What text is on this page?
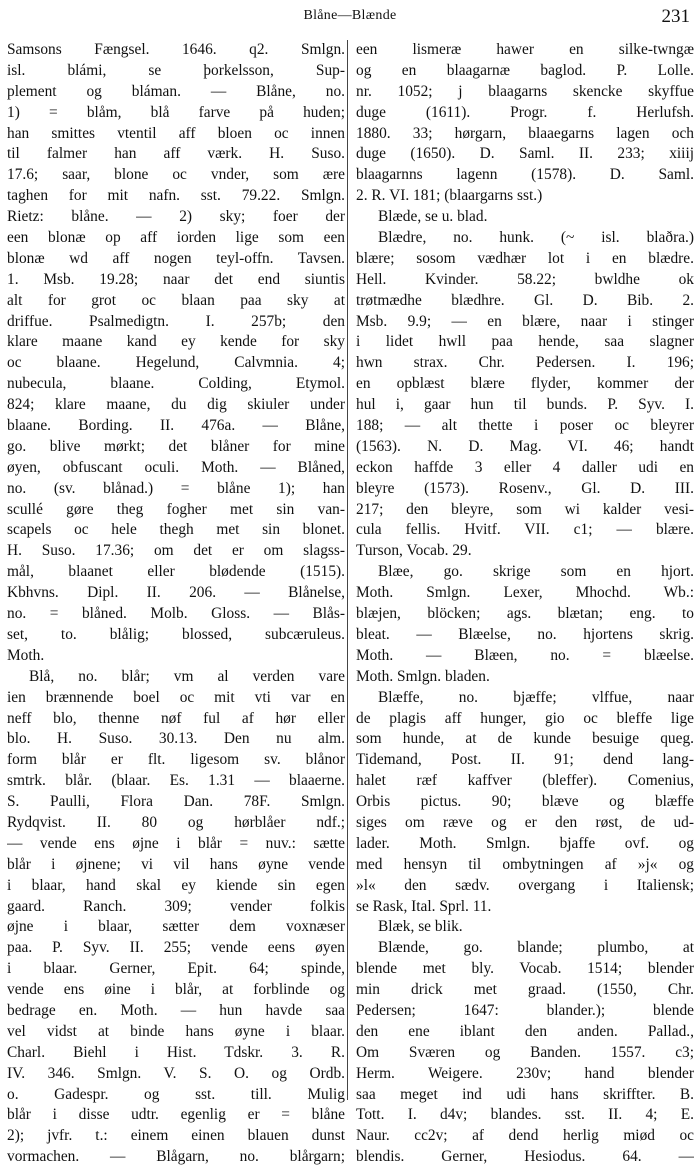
Blåne—Blænde	231
Samsons Fængsel. 1646. q2. Smlgn.
isl. blámi, se þorkelsson, Sup-
plement og bláman. — Blåne, no.
1) = blåm, blå farve på huden;
han smittes vtentil aff bloen oc innen
til falmer han aff værk. H. Suso.
17.6; saar, blone oc vnder, som ære
taghen for mit nafn. sst. 79.22. Smlgn.
Rietz: blåne. — 2) sky; foer der
een blonæ op aff iorden lige som een
blonæ wd aff nogen teyl-offn. Tavsen.
1. Msb. 19.28; naar det end siuntis
alt for grot oc blaan paa sky at
driffue. Psalmedigtn. I. 257b; den
klare maane kand ey kende for sky
oc blaane. Hegelund, Calvmnia. 4;
nubecula, blaane. Colding, Etymol.
824; klare maane, du dig skiuler under
blaane. Bording. II. 476a. — Blåne,
go. blive mørkt; det blåner for mine
øyen, obfuscant oculi. Moth. — Blåned,
no. (sv. blånad.) = blåne 1); han
scullé gøre theg fogher met sin van-
scapels oc hele thegh met sin blonet.
H. Suso. 17.36; om det er om slagss-
mål, blaanet eller blødende (1515).
Kbhvns. Dipl. II. 206. — Blånelse,
no. = blåned. Molb. Gloss. — Blås-
set, to. blålig; blossed, subcæruleus.
Moth.
Blå, no. blår; vm al verden vare
ien brænnende boel oc mit vti var en
neff blo, thenne nøf ful af hør eller
blo. H. Suso. 30.13. Den nu alm.
form blår er flt. ligesom sv. blånor
smtrk. blår. (blaar. Es. 1.31 — blaaerne.
S. Paulli, Flora Dan. 78F. Smlgn.
Rydqvist. II. 80 og hørblåer ndf.;
— vende ens øjne i blår = nuv.: sætte
blår i øjnene; vi vil hans øyne vende
i blaar, hand skal ey kiende sin egen
gaard. Ranch. 309; vender folkis
øjne i blaar, sætter dem voxnæser
paa. P. Syv. II. 255; vende eens øyen
i blaar. Gerner, Epit. 64; spinde,
vende ens øine i blår, at forblinde og
bedrage en. Moth. — hun havde saa
vel vidst at binde hans øyne i blaar.
Charl. Biehl i Hist. Tdskr. 3. R.
IV. 346. Smlgn. V. S. O. og Ordb.
o. Gadespr. og sst. till. Mulig
blår i disse udtr. egenlig er = blåne
2); jvfr. t.: einem einen blauen dunst
vormachen. — Blågarn, no. blårgarn;
een lismeræ hawer en silke-twngæ
og en blaagarnæ baglod. P. Lolle.
nr. 1052; j blaagarns skencke skyffue
duge (1611). Progr. f. Herlufsh.
1880. 33; hørgarn, blaaegarns lagen och
duge (1650). D. Saml. II. 233; xiiij
blaagarnns lagenn (1578). D. Saml.
2. R. VI. 181; (blaargarns sst.)
Blæde, se u. blad.
Blædre, no. hunk. (~ isl. blaðra.)
blære; sosom vædhær lot i en blædre.
Hell. Kvinder. 58.22; bwldhe ok
trøtmædhe blædhre. Gl. D. Bib. 2.
Msb. 9.9; — en blære, naar i stinger
i lidet hwll paa hende, saa slagner
hwn strax. Chr. Pedersen. I. 196;
en opblæst blære flyder, kommer der
hul i, gaar hun til bunds. P. Syv. I.
188; — alt thette i poser oc bleyrer
(1563). N. D. Mag. VI. 46; handt
eckon haffde 3 eller 4 daller udi en
bleyre (1573). Rosenv., Gl. D. III.
217; den bleyre, som wi kalder vesi-
cula fellis. Hvitf. VII. c1; — blære.
Turson, Vocab. 29.
Blæe, go. skrige som en hjort.
Moth. Smlgn. Lexer, Mhochd. Wb.:
blæjen, blöcken; ags. blætan; eng. to
bleat. — Blæelse, no. hjortens skrig.
Moth. — Blæen, no. = blæelse.
Moth. Smlgn. bladen.
Blæffe, no. bjæffe; vlffue, naar
de plagis aff hunger, gio oc bleffe lige
som hunde, at de kunde besuige queg.
Tidemand, Post. II. 91; dend lang-
halet ræf kaffver (bleffer). Comenius,
Orbis pictus. 90; blæve og blæffe
siges om ræve og er den røst, de ud-
lader. Moth. Smlgn. bjaffe ovf. og
med hensyn til ombytningen af »j« og
»l« den sædv. overgang i Italiensk;
se Rask, Ital. Sprl. 11.
Blæk, se blik.
Blænde, go. blande; plumbo, at
blende met bly. Vocab. 1514; blender
min drick met graad. (1550, Chr.
Pedersen; 1647: blander.); blende
den ene iblant den anden. Pallad.,
Om Sværen og Banden. 1557. c3;
Herm. Weigere. 230v; hand blender
saa meget ind udi hans skriffter. B.
Tott. I. d4v; blandes. sst. II. 4; E.
Naur. cc2v; af dend herlig miød oc
blendis. Gerner, Hesiodus. 64. —
